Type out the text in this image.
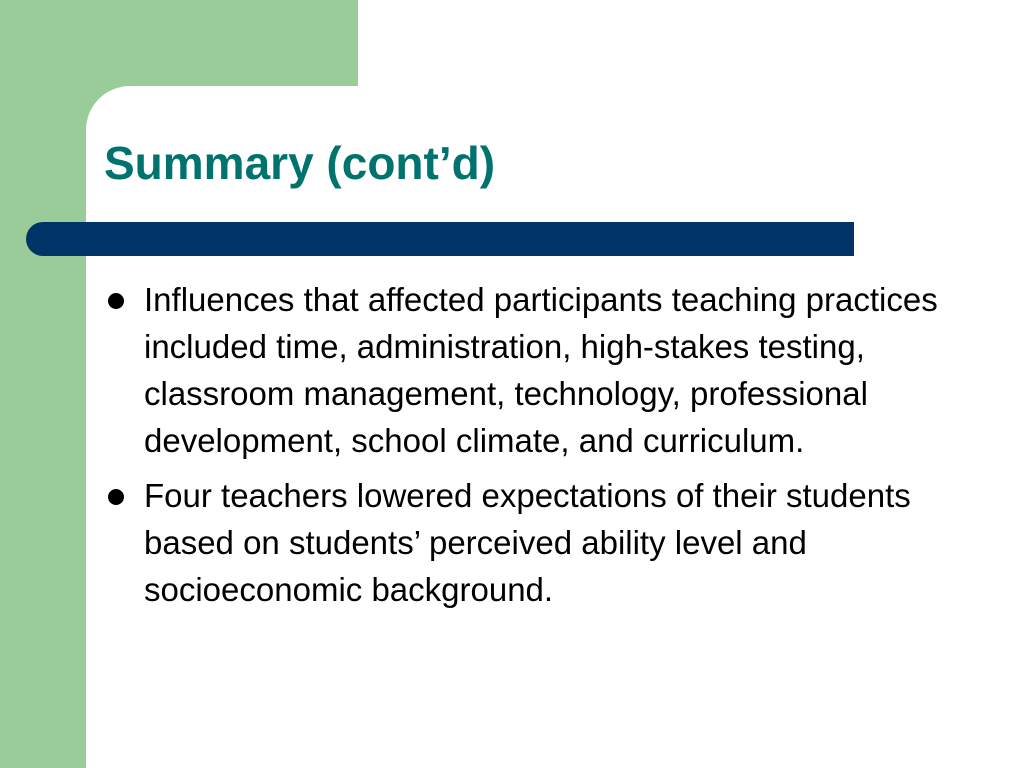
Summary (cont’d)
Influences that affected participants teaching practices included time, administration, high-stakes testing, classroom management, technology, professional development, school climate, and curriculum.
Four teachers lowered expectations of their students based on students’ perceived ability level and socioeconomic background.
